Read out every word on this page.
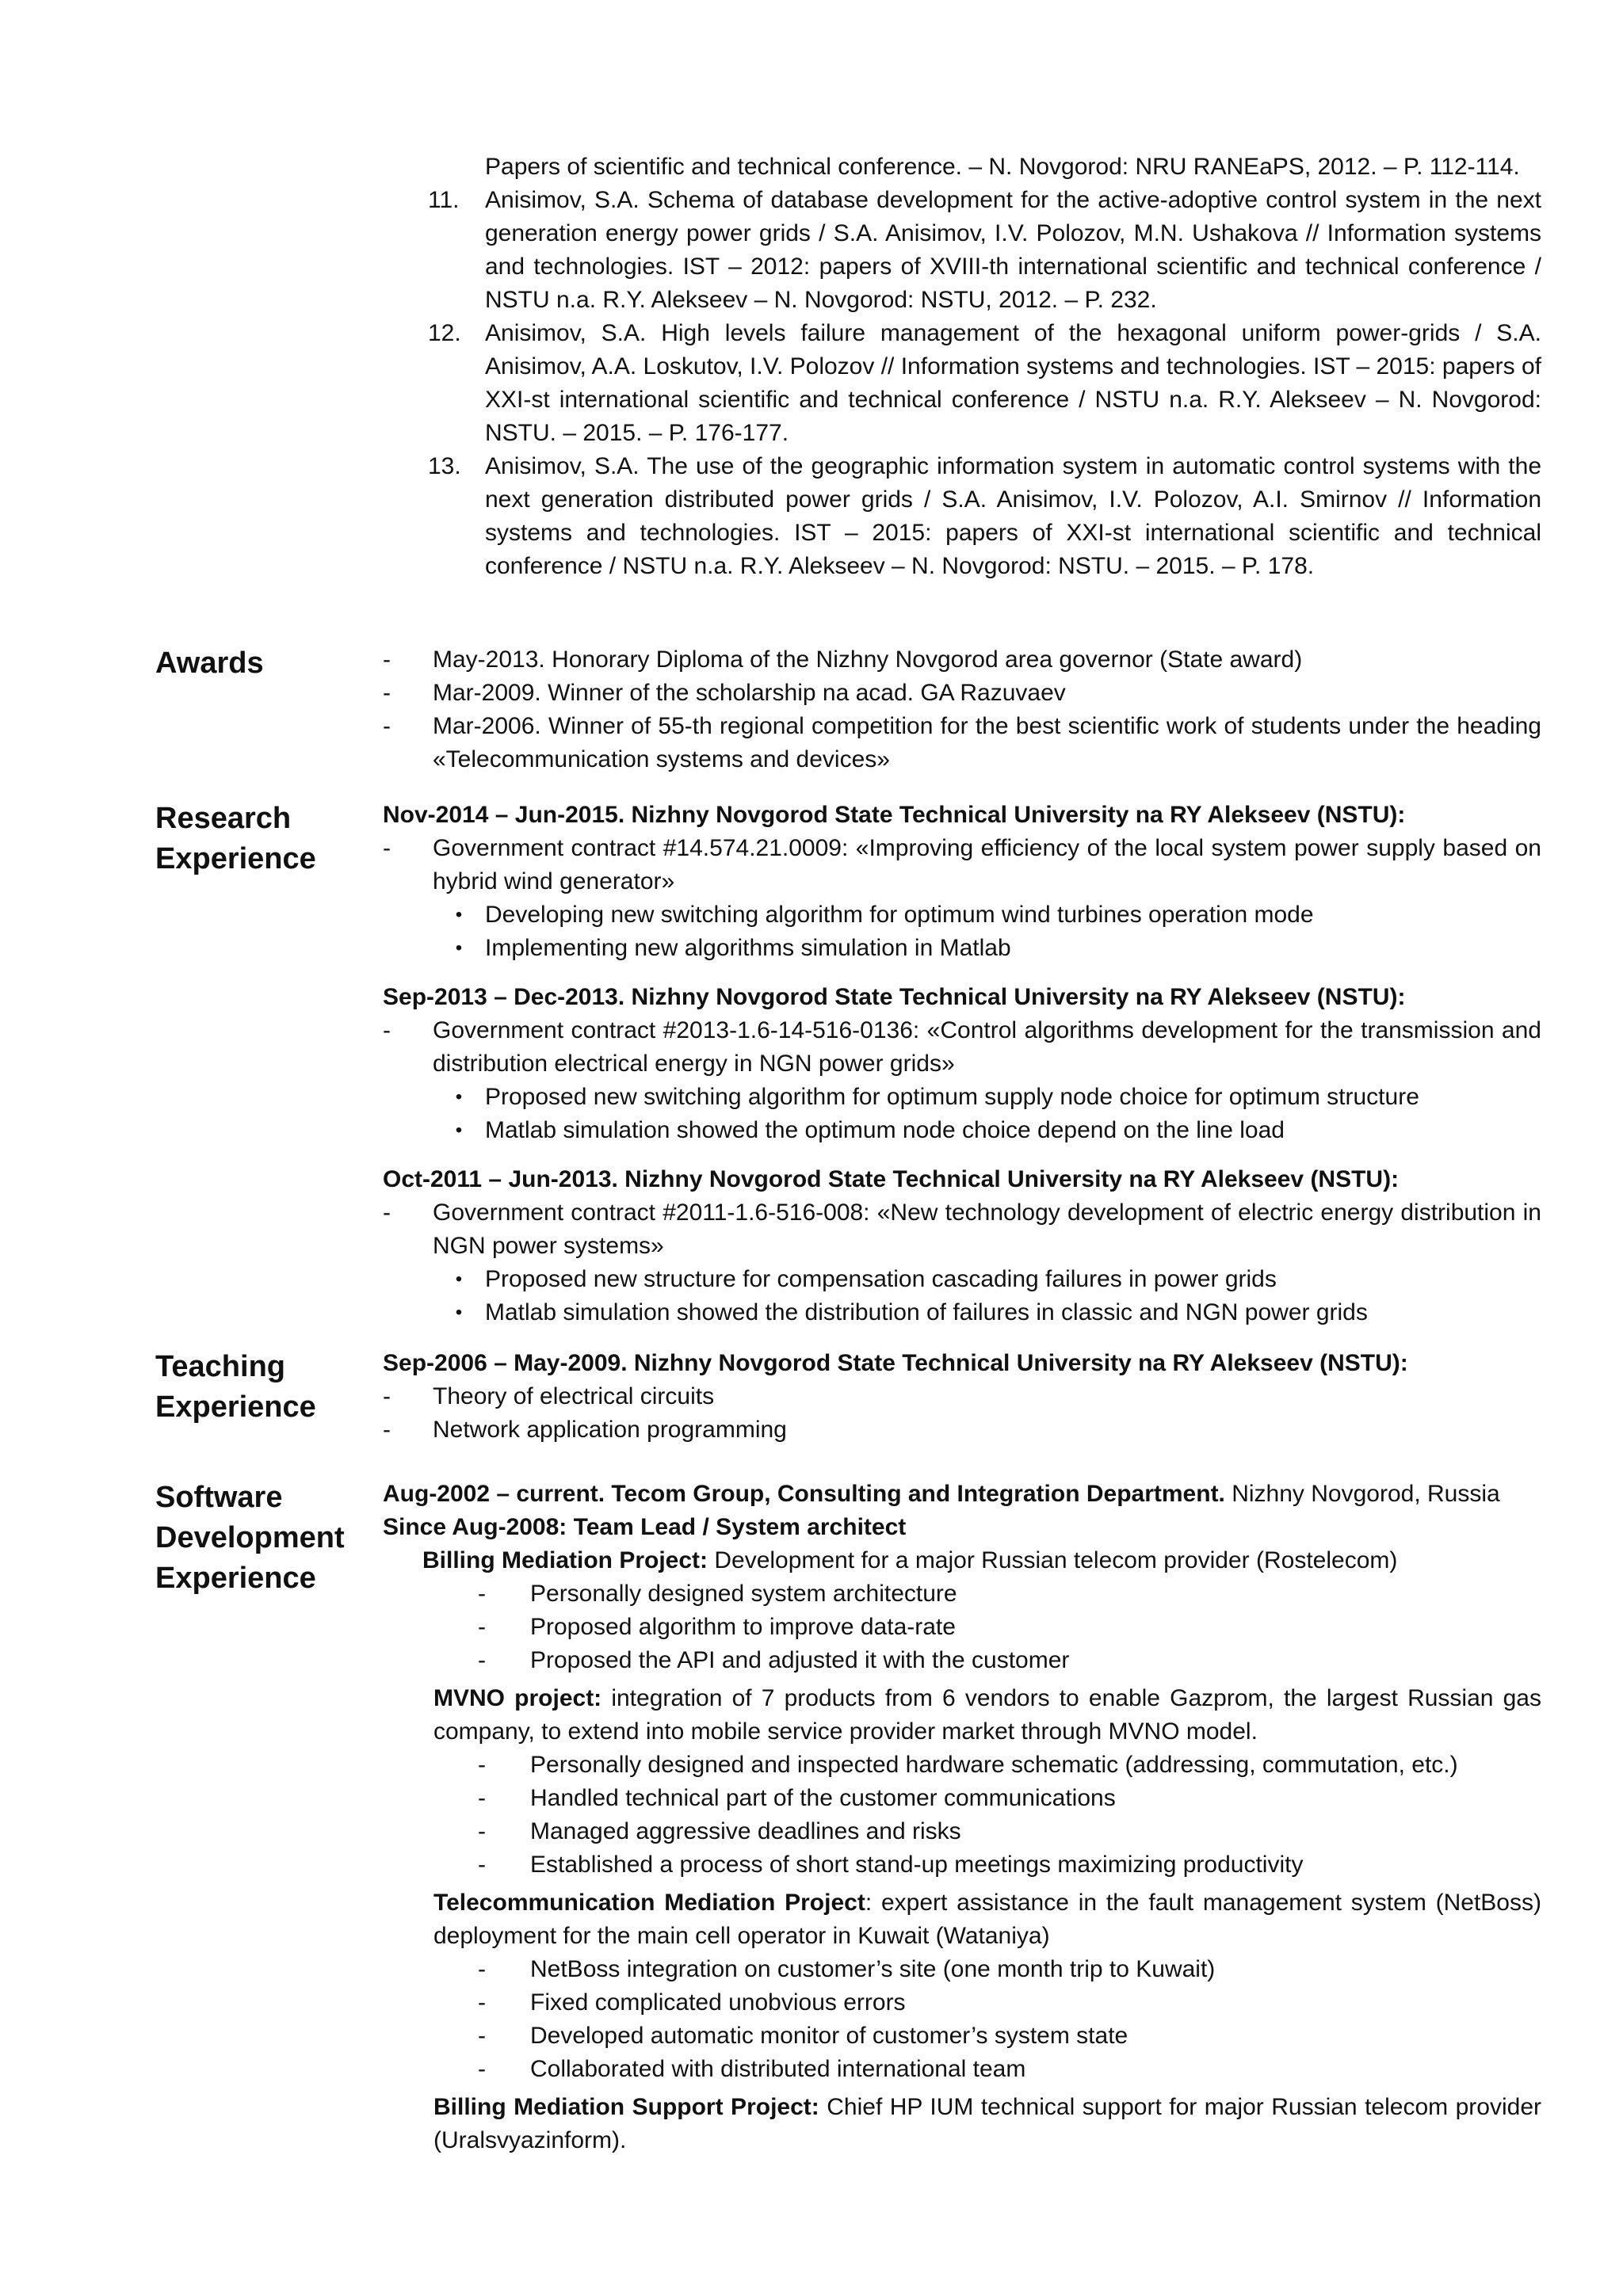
Papers of scientific and technical conference. – N. Novgorod: NRU RANEaPS, 2012. – P. 112-114.
11.	Anisimov, S.A. Schema of database development for the active-adoptive control system in the next generation energy power grids / S.A. Anisimov, I.V. Polozov, M.N. Ushakova // Information systems and technologies. IST – 2012: papers of XVIII-th international scientific and technical conference / NSTU n.a. R.Y. Alekseev – N. Novgorod: NSTU, 2012. – P. 232.
12.	Anisimov, S.A. High levels failure management of the hexagonal uniform power-grids / S.A. Anisimov, A.A. Loskutov, I.V. Polozov // Information systems and technologies. IST – 2015: papers of XXI-st international scientific and technical conference / NSTU n.a. R.Y. Alekseev – N. Novgorod: NSTU. – 2015. – P. 176-177.
13.	Anisimov, S.A. The use of the geographic information system in automatic control systems with the next generation distributed power grids / S.A. Anisimov, I.V. Polozov, A.I. Smirnov // Information systems and technologies. IST – 2015: papers of XXI-st international scientific and technical conference / NSTU n.a. R.Y. Alekseev – N. Novgorod: NSTU. – 2015. – P. 178.
Awards	-	May-2013. Honorary Diploma of the Nizhny Novgorod area governor (State award)
-	Mar-2009. Winner of the scholarship na acad. GA Razuvaev
-	Mar-2006. Winner of 55-th regional competition for the best scientific work of students under the heading «Telecommunication systems and devices»
Research
Experience
Nov-2014 – Jun-2015. Nizhny Novgorod State Technical University na RY Alekseev (NSTU):
-	Government contract #14.574.21.0009: «Improving efficiency of the local system power supply based on hybrid wind generator»
• Developing new switching algorithm for optimum wind turbines operation mode
• Implementing new algorithms simulation in Matlab
Sep-2013 – Dec-2013. Nizhny Novgorod State Technical University na RY Alekseev (NSTU):
-	Government contract #2013-1.6-14-516-0136: «Control algorithms development for the transmission and distribution electrical energy in NGN power grids»
• Proposed new switching algorithm for optimum supply node choice for optimum structure
• Matlab simulation showed the optimum node choice depend on the line load
Oct-2011 – Jun-2013. Nizhny Novgorod State Technical University na RY Alekseev (NSTU):
-	Government contract #2011-1.6-516-008: «New technology development of electric energy distribution in NGN power systems»
• Proposed new structure for compensation cascading failures in power grids
• Matlab simulation showed the distribution of failures in classic and NGN power grids
Teaching
Experience
Sep-2006 – May-2009. Nizhny Novgorod State Technical University na RY Alekseev (NSTU):
-	Theory of electrical circuits
-	Network application programming
Software
Development
Experience
Aug-2002 – current. Tecom Group, Consulting and Integration Department. Nizhny Novgorod, Russia
Since Aug-2008: Team Lead / System architect
Billing Mediation Project: Development for a major Russian telecom provider (Rostelecom)
-	Personally designed system architecture
-	Proposed algorithm to improve data-rate
-	Proposed the API and adjusted it with the customer
MVNO project: integration of 7 products from 6 vendors to enable Gazprom, the largest Russian gas company, to extend into mobile service provider market through MVNO model.
-	Personally designed and inspected hardware schematic (addressing, commutation, etc.)
-	Handled technical part of the customer communications
-	Managed aggressive deadlines and risks
-	Established a process of short stand-up meetings maximizing productivity
Telecommunication Mediation Project: expert assistance in the fault management system (NetBoss) deployment for the main cell operator in Kuwait (Wataniya)
-	NetBoss integration on customer’s site (one month trip to Kuwait)
-	Fixed complicated unobvious errors
-	Developed automatic monitor of customer’s system state
-	Collaborated with distributed international team
Billing Mediation Support Project: Chief HP IUM technical support for major Russian telecom provider (Uralsvyazinform).
